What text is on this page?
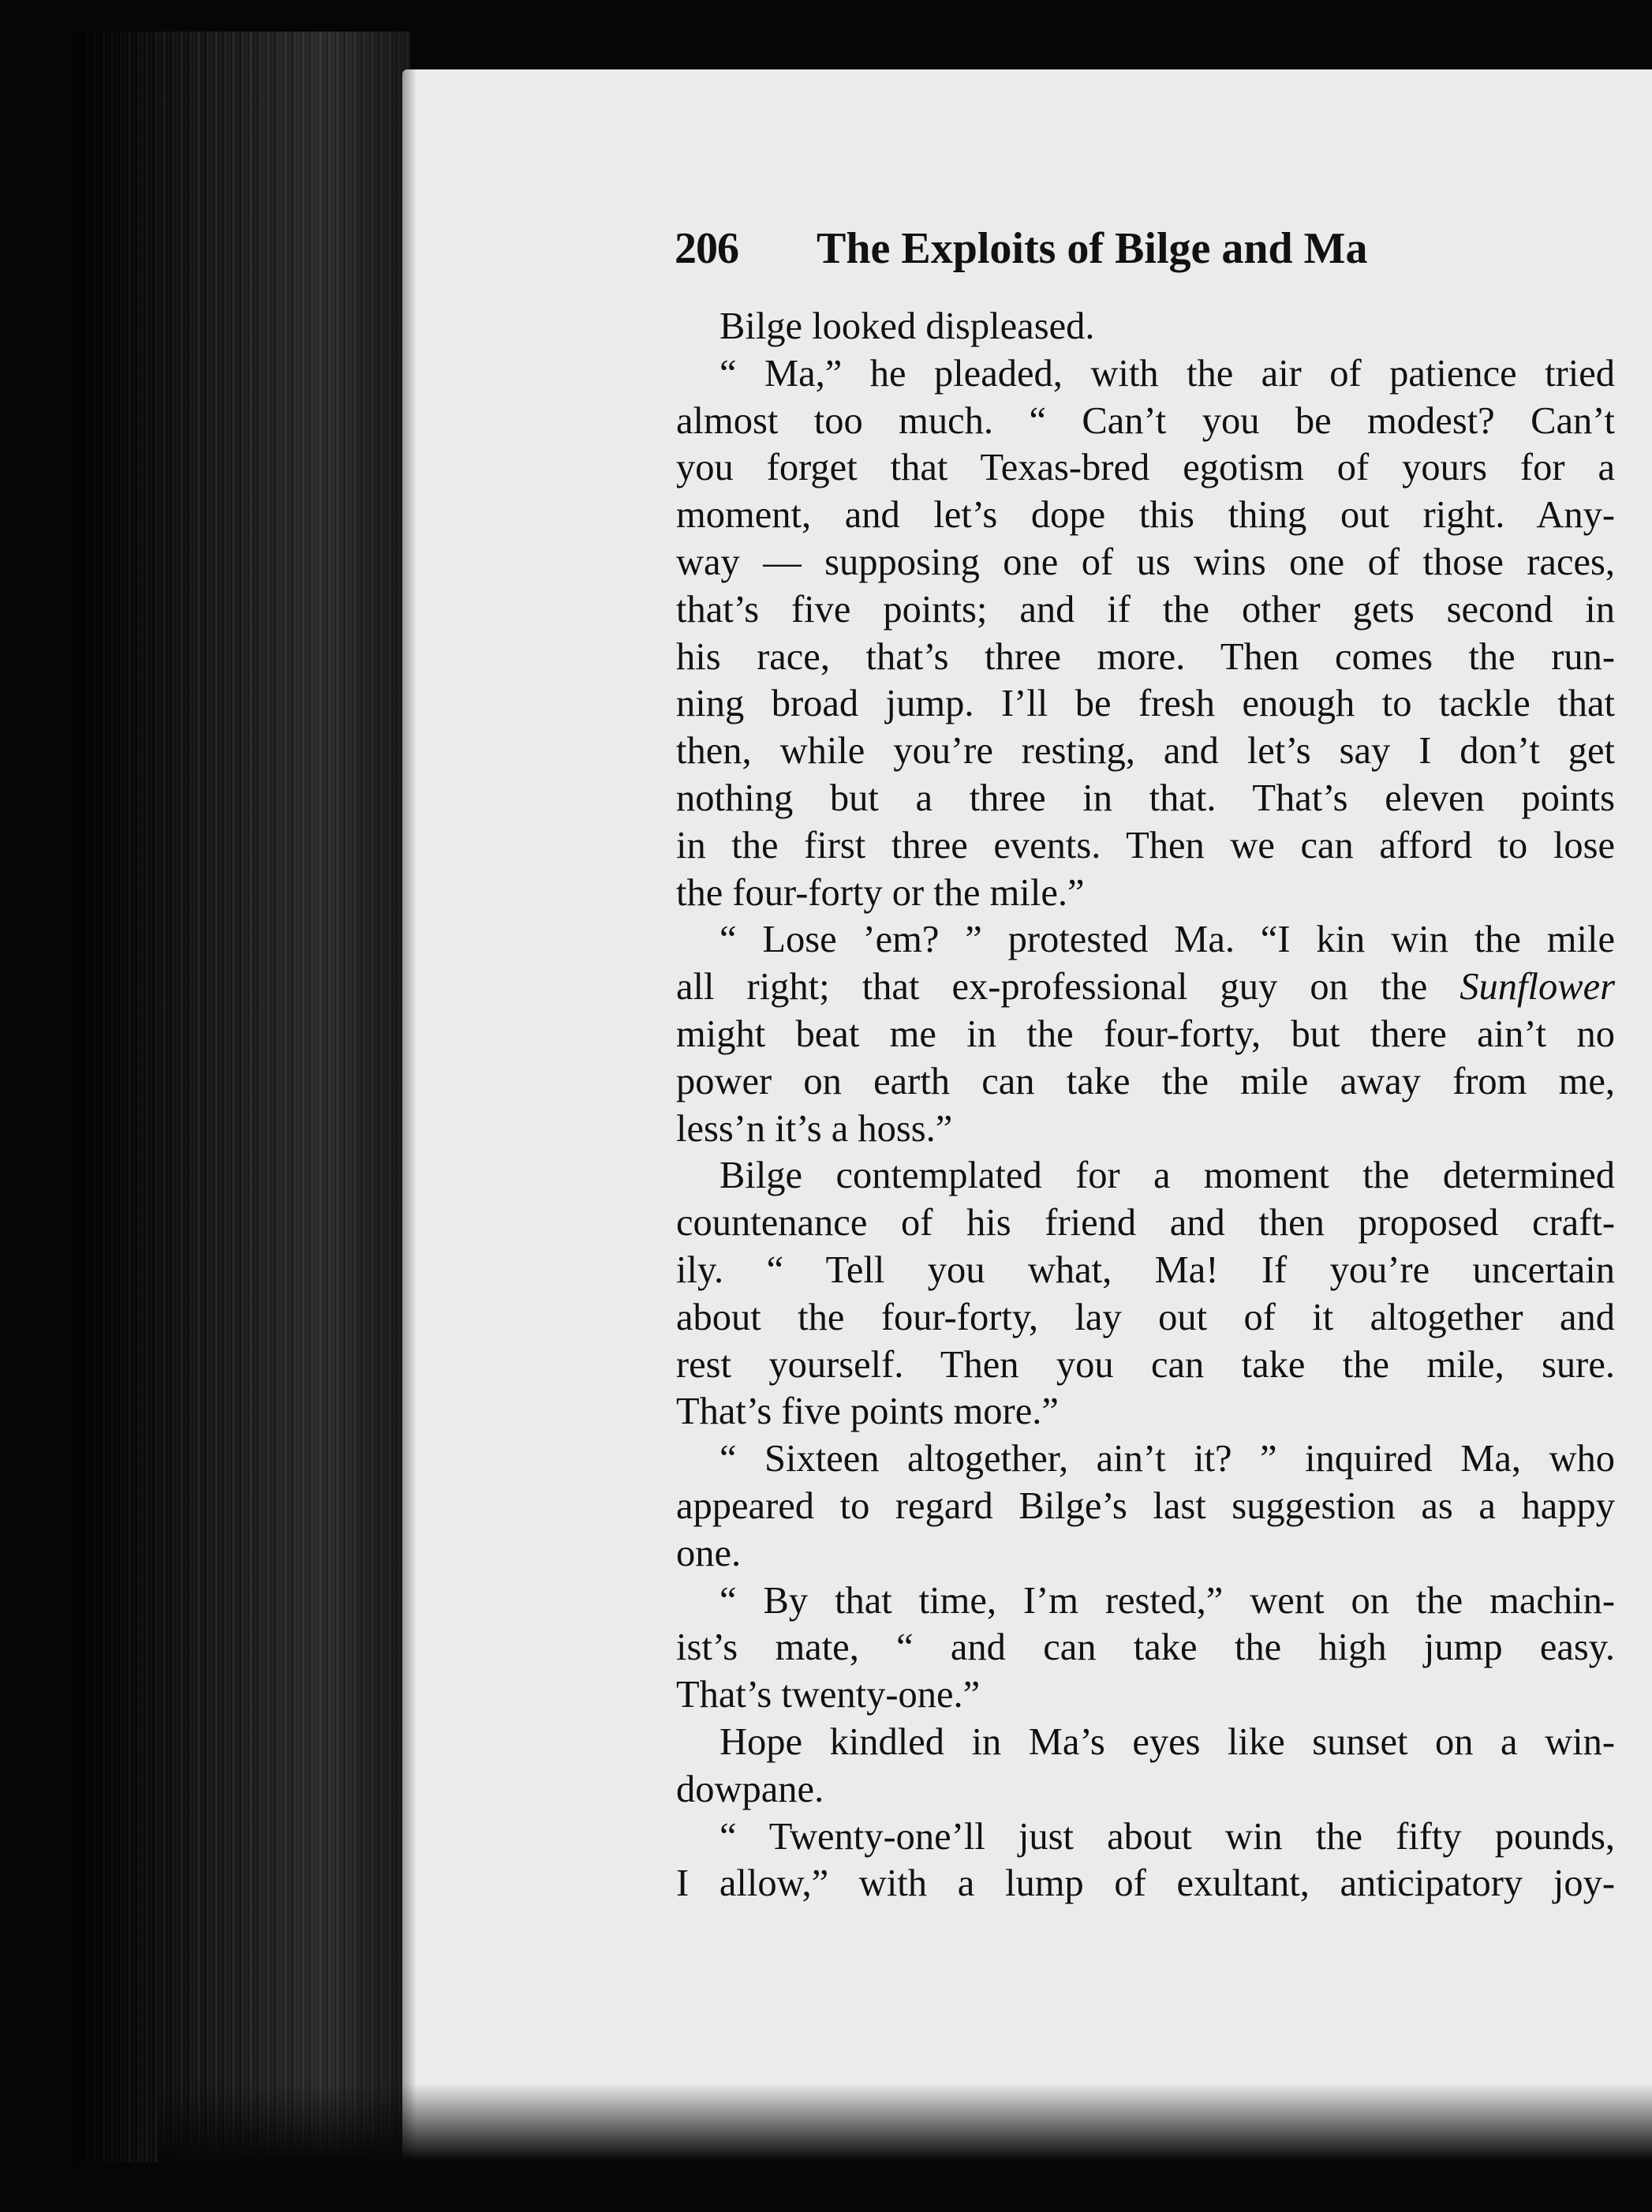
206 The Exploits of Bilge and Ma
Bilge looked displeased.
“ Ma,” he pleaded, with the air of patience tried
almost too much. “ Can’t you be modest? Can’t
you forget that Texas-bred egotism of yours for a
moment, and let’s dope this thing out right. Any-
way — supposing one of us wins one of those races,
that’s five points; and if the other gets second in
his race, that’s three more. Then comes the run-
ning broad jump. I’ll be fresh enough to tackle that
then, while you’re resting, and let’s say I don’t get
nothing but a three in that. That’s eleven points
in the first three events. Then we can afford to lose
the four-forty or the mile.”
“ Lose ’em? ” protested Ma. “I kin win the mile
all right; that ex-professional guy on the Sunflower
might beat me in the four-forty, but there ain’t no
power on earth can take the mile away from me,
less’n it’s a hoss.”
Bilge contemplated for a moment the determined
countenance of his friend and then proposed craft-
ily. “ Tell you what, Ma! If you’re uncertain
about the four-forty, lay out of it altogether and
rest yourself. Then you can take the mile, sure.
That’s five points more.”
“ Sixteen altogether, ain’t it? ” inquired Ma, who
appeared to regard Bilge’s last suggestion as a happy
one.
“ By that time, I’m rested,” went on the machin-
ist’s mate, “ and can take the high jump easy.
That’s twenty-one.”
Hope kindled in Ma’s eyes like sunset on a win-
dowpane.
“ Twenty-one’ll just about win the fifty pounds,
I allow,” with a lump of exultant, anticipatory joy-
